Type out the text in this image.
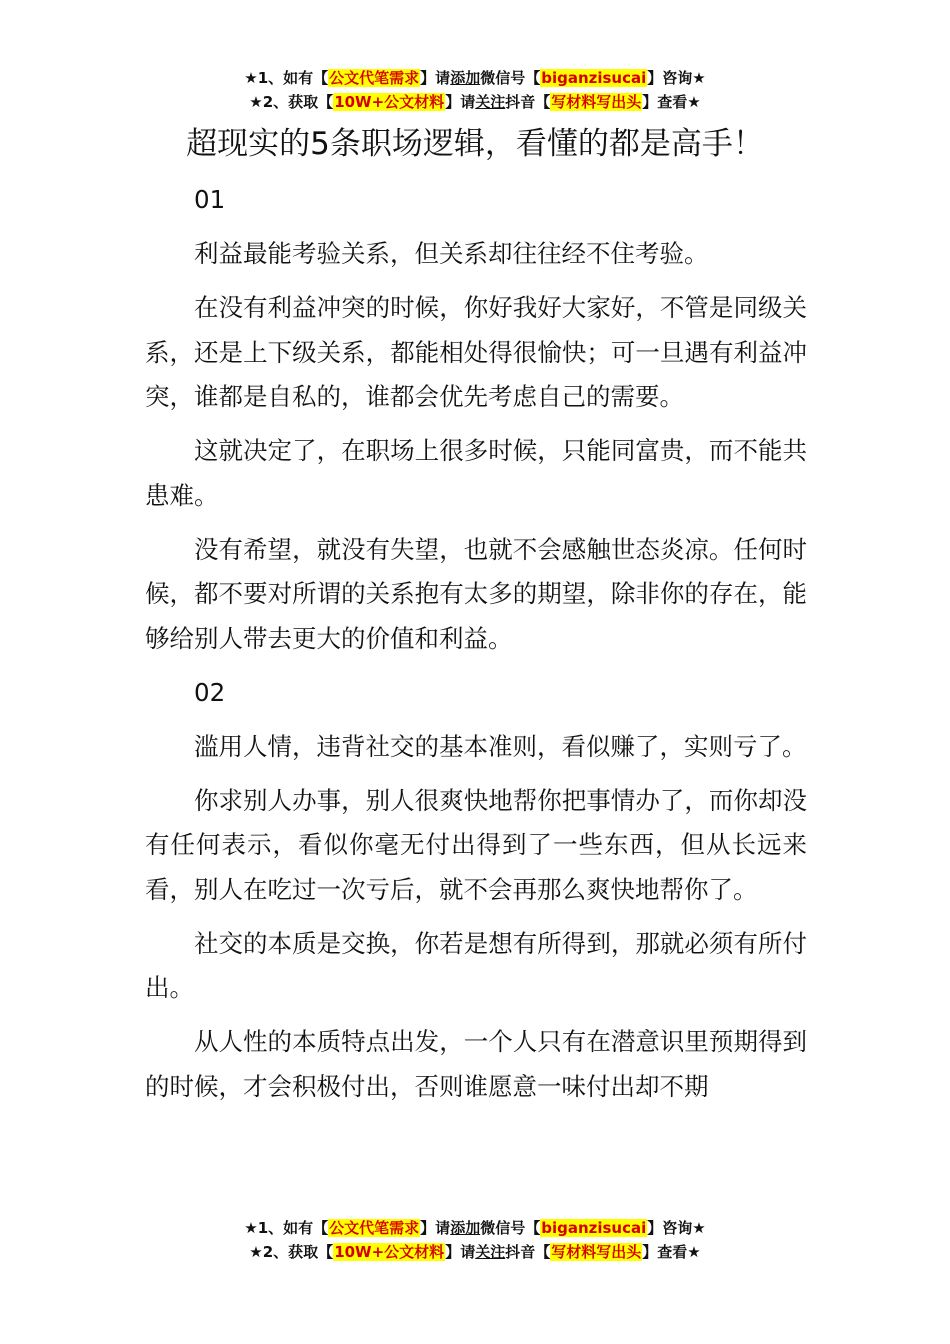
★1、如有【公文代笔需求】请添加微信号【biganzisucai】咨询★
★2、获取【10W+公文材料】请关注抖音【写材料写出头】查看★
超现实的5条职场逻辑，看懂的都是高手！

01

利益最能考验关系，但关系却往往经不住考验。

在没有利益冲突的时候，你好我好大家好，不管是同级关系，还是上下级关系，都能相处得很愉快；可一旦遇有利益冲突，谁都是自私的，谁都会优先考虑自己的需要。

这就决定了，在职场上很多时候，只能同富贵，而不能共患难。

没有希望，就没有失望，也就不会感触世态炎凉。任何时候，都不要对所谓的关系抱有太多的期望，除非你的存在，能够给别人带去更大的价值和利益。

02

滥用人情，违背社交的基本准则，看似赚了，实则亏了。

你求别人办事，别人很爽快地帮你把事情办了，而你却没有任何表示，看似你毫无付出得到了一些东西，但从长远来看，别人在吃过一次亏后，就不会再那么爽快地帮你了。

社交的本质是交换，你若是想有所得到，那就必须有所付出。

从人性的本质特点出发，一个人只有在潜意识里预期得到的时候，才会积极付出，否则谁愿意一味付出却不期

★1、如有【公文代笔需求】请添加微信号【biganzisucai】咨询★
★2、获取【10W+公文材料】请关注抖音【写材料写出头】查看★
